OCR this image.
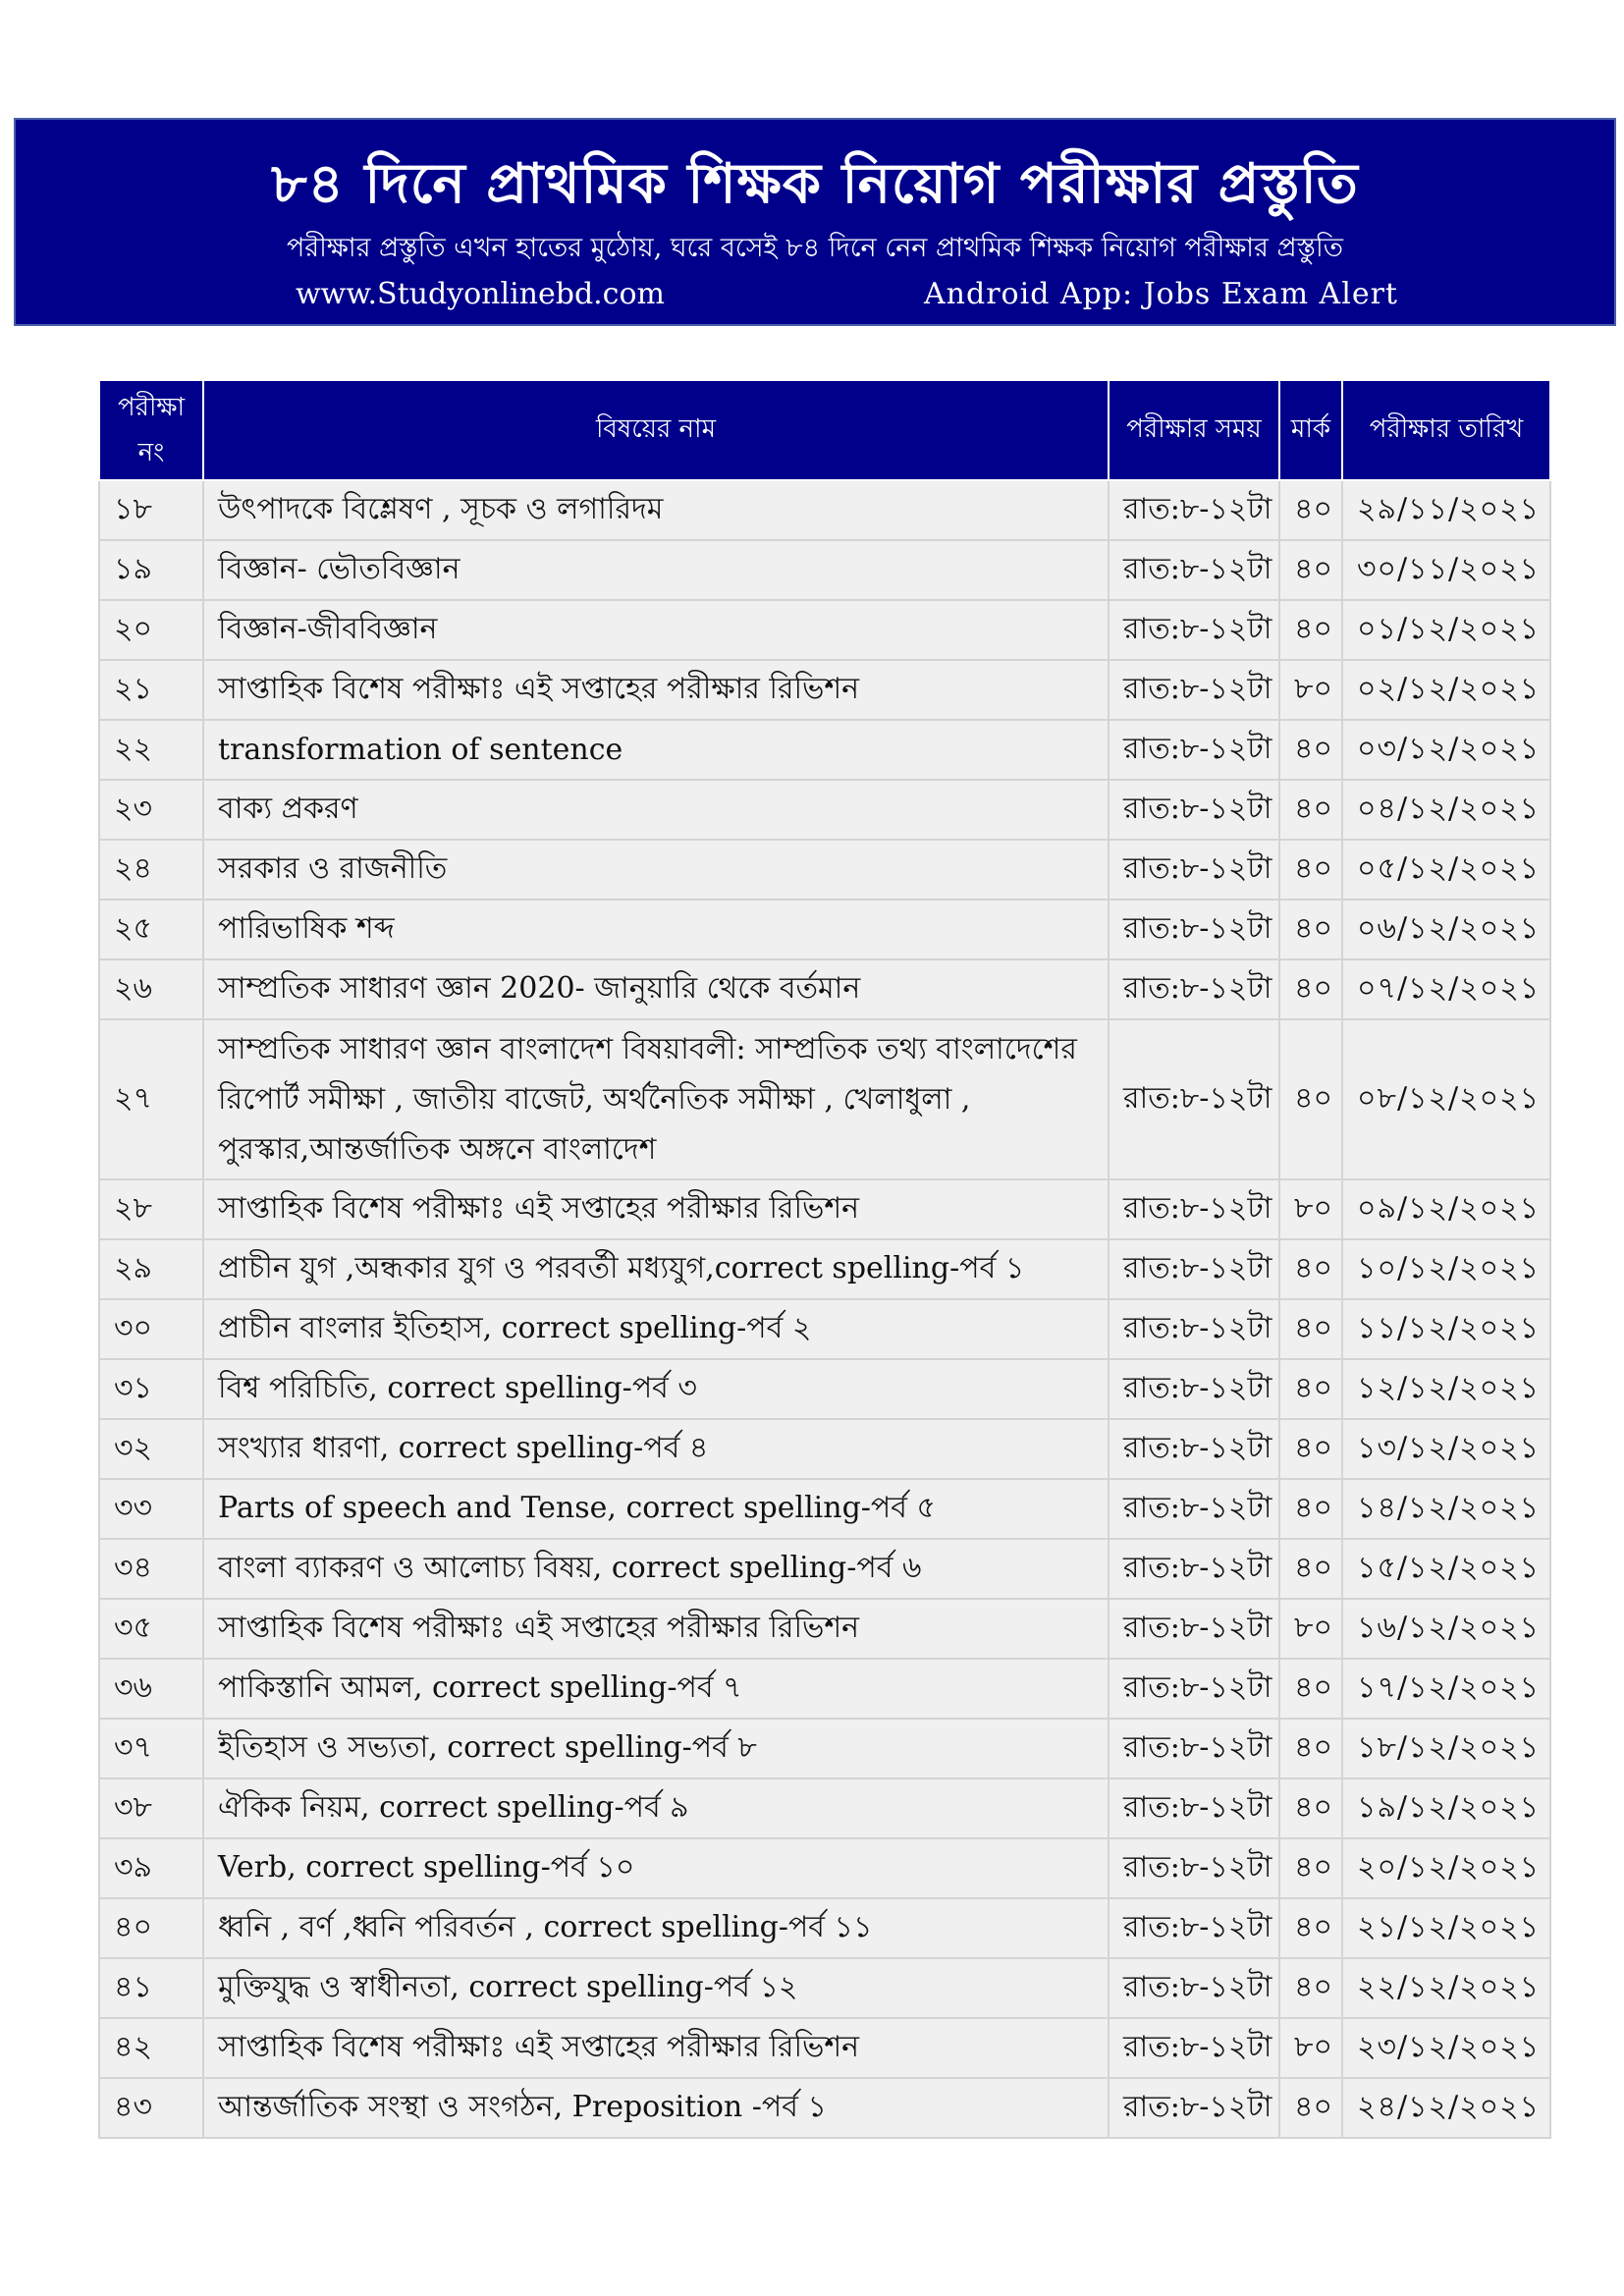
৮৪ দিনে প্রাথমিক শিক্ষক নিয়োগ পরীক্ষার প্রস্তুতি
পরীক্ষার প্রস্তুতি এখন হাতের মুঠোয়, ঘরে বসেই ৮৪ দিনে নেন প্রাথমিক শিক্ষক নিয়োগ পরীক্ষার প্রস্তুতি
www.Studyonlinebd.com	Android App: Jobs Exam Alert
পরীক্ষা
নং	বিষয়ের নাম	পরীক্ষার সময়	মার্ক	পরীক্ষার তারিখ
১৮	উৎপাদকে বিশ্লেষণ , সূচক ও লগারিদম	রাত:৮-১২টা	৪০	২৯/১১/২০২১
১৯	বিজ্ঞান- ভৌতবিজ্ঞান	রাত:৮-১২টা	৪০	৩০/১১/২০২১
২০	বিজ্ঞান-জীববিজ্ঞান	রাত:৮-১২টা	৪০	০১/১২/২০২১
২১	সাপ্তাহিক বিশেষ পরীক্ষাঃ এই সপ্তাহের পরীক্ষার রিভিশন	রাত:৮-১২টা	৮০	০২/১২/২০২১
২২	transformation of sentence	রাত:৮-১২টা	৪০	০৩/১২/২০২১
২৩	বাক্য প্রকরণ	রাত:৮-১২টা	৪০	০৪/১২/২০২১
২৪	সরকার ও রাজনীতি	রাত:৮-১২টা	৪০	০৫/১২/২০২১
২৫	পারিভাষিক শব্দ	রাত:৮-১২টা	৪০	০৬/১২/২০২১
২৬	সাম্প্রতিক সাধারণ জ্ঞান 2020- জানুয়ারি থেকে বর্তমান	রাত:৮-১২টা	৪০	০৭/১২/২০২১
২৭	সাম্প্রতিক সাধারণ জ্ঞান বাংলাদেশ বিষয়াবলী: সাম্প্রতিক তথ্য বাংলাদেশের রিপোর্ট সমীক্ষা , জাতীয় বাজেট, অর্থনৈতিক সমীক্ষা , খেলাধুলা , পুরস্কার,আন্তর্জাতিক অঙ্গনে বাংলাদেশ	রাত:৮-১২টা	৪০	০৮/১২/২০২১
২৮	সাপ্তাহিক বিশেষ পরীক্ষাঃ এই সপ্তাহের পরীক্ষার রিভিশন	রাত:৮-১২টা	৮০	০৯/১২/২০২১
২৯	প্রাচীন যুগ ,অন্ধকার যুগ ও পরবর্তী মধ্যযুগ,correct spelling-পর্ব ১	রাত:৮-১২টা	৪০	১০/১২/২০২১
৩০	প্রাচীন বাংলার ইতিহাস, correct spelling-পর্ব ২	রাত:৮-১২টা	৪০	১১/১২/২০২১
৩১	বিশ্ব পরিচিতি, correct spelling-পর্ব ৩	রাত:৮-১২টা	৪০	১২/১২/২০২১
৩২	সংখ্যার ধারণা, correct spelling-পর্ব ৪	রাত:৮-১২টা	৪০	১৩/১২/২০২১
৩৩	Parts of speech and Tense, correct spelling-পর্ব ৫	রাত:৮-১২টা	৪০	১৪/১২/২০২১
৩৪	বাংলা ব্যাকরণ ও আলোচ্য বিষয়, correct spelling-পর্ব ৬	রাত:৮-১২টা	৪০	১৫/১২/২০২১
৩৫	সাপ্তাহিক বিশেষ পরীক্ষাঃ এই সপ্তাহের পরীক্ষার রিভিশন	রাত:৮-১২টা	৮০	১৬/১২/২০২১
৩৬	পাকিস্তানি আমল, correct spelling-পর্ব ৭	রাত:৮-১২টা	৪০	১৭/১২/২০২১
৩৭	ইতিহাস ও সভ্যতা, correct spelling-পর্ব ৮	রাত:৮-১২টা	৪০	১৮/১২/২০২১
৩৮	ঐকিক নিয়ম, correct spelling-পর্ব ৯	রাত:৮-১২টা	৪০	১৯/১২/২০২১
৩৯	Verb, correct spelling-পর্ব ১০	রাত:৮-১২টা	৪০	২০/১২/২০২১
৪০	ধ্বনি , বর্ণ ,ধ্বনি পরিবর্তন , correct spelling-পর্ব ১১	রাত:৮-১২টা	৪০	২১/১২/২০২১
৪১	মুক্তিযুদ্ধ ও স্বাধীনতা, correct spelling-পর্ব ১২	রাত:৮-১২টা	৪০	২২/১২/২০২১
৪২	সাপ্তাহিক বিশেষ পরীক্ষাঃ এই সপ্তাহের পরীক্ষার রিভিশন	রাত:৮-১২টা	৮০	২৩/১২/২০২১
৪৩	আন্তর্জাতিক সংস্থা ও সংগঠন, Preposition -পর্ব ১	রাত:৮-১২টা	৪০	২৪/১২/২০২১
